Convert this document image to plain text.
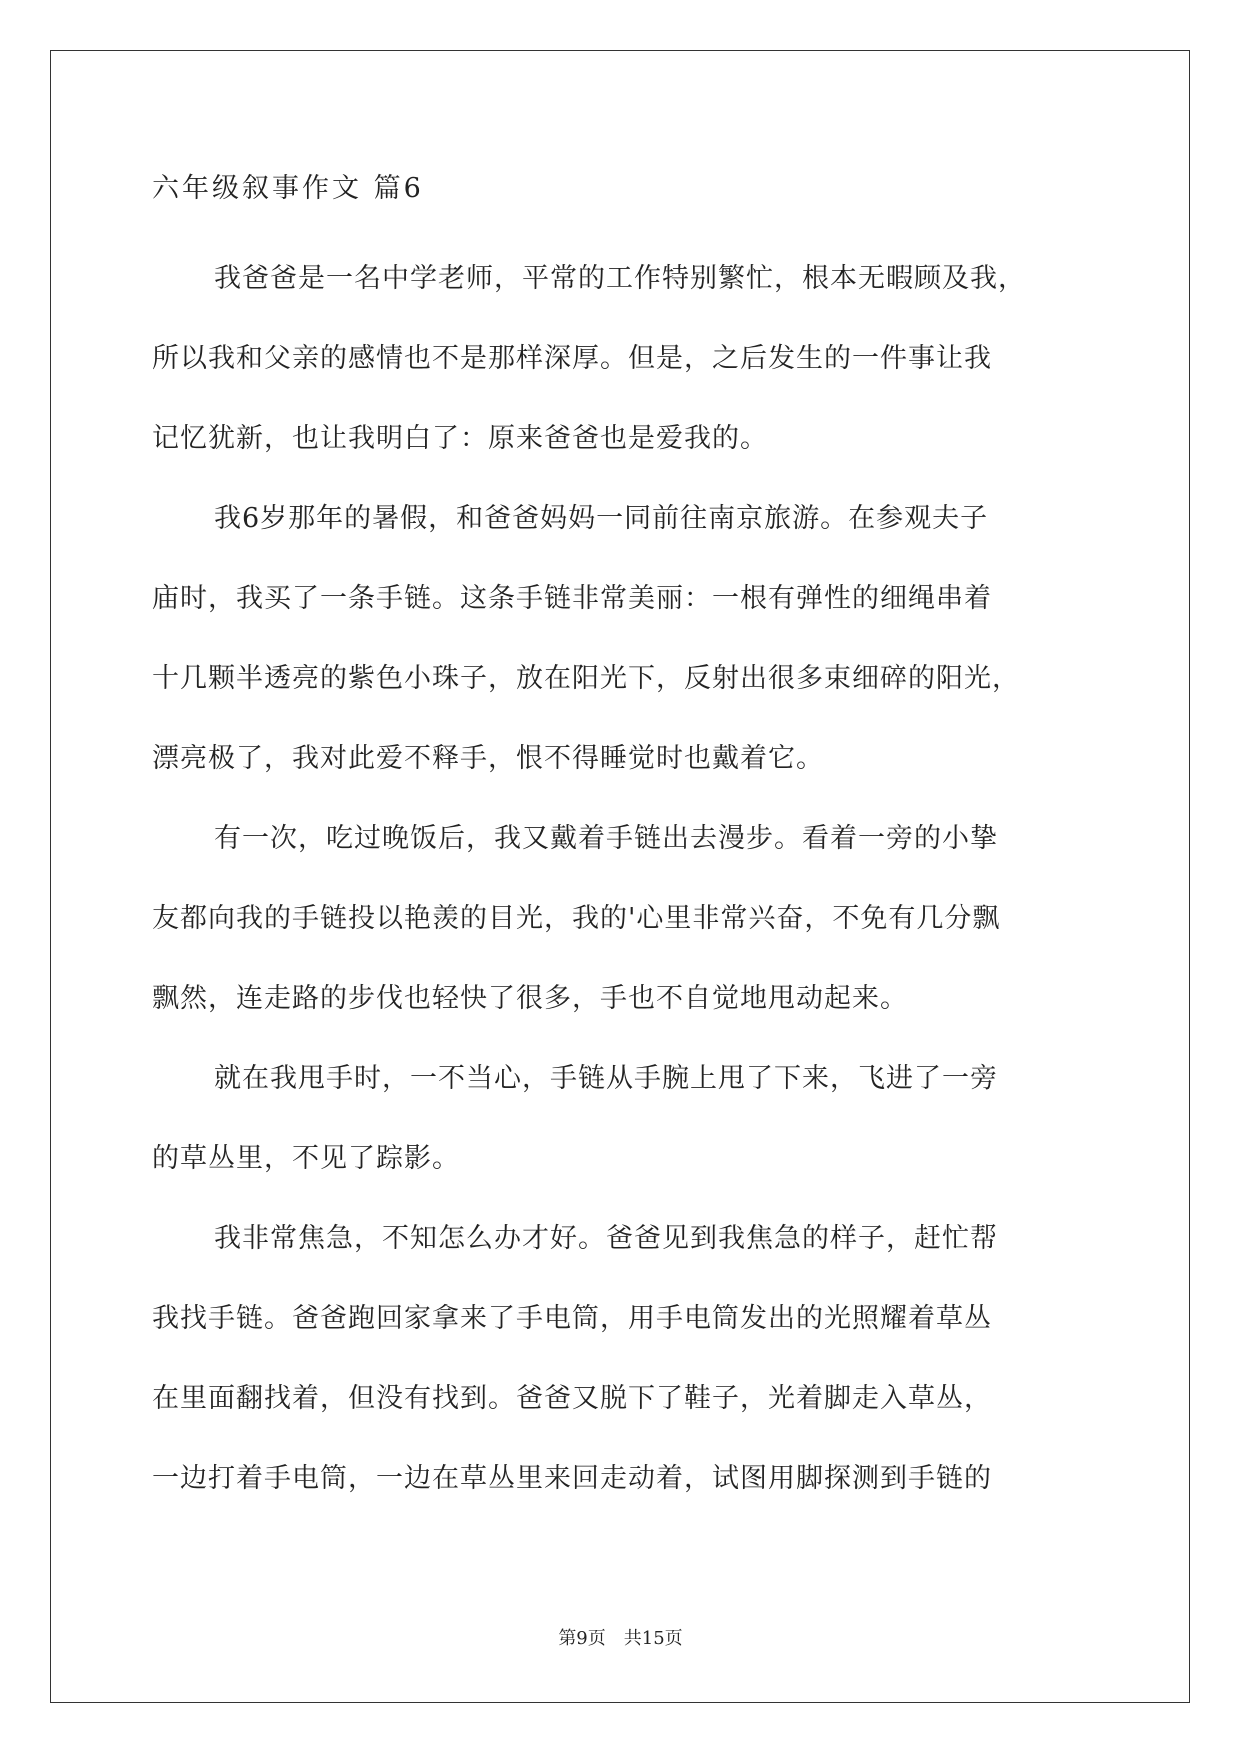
六年级叙事作文 篇6
我爸爸是一名中学老师，平常的工作特别繁忙，根本无暇顾及我，
所以我和父亲的感情也不是那样深厚。但是，之后发生的一件事让我
记忆犹新，也让我明白了：原来爸爸也是爱我的。
我6岁那年的暑假，和爸爸妈妈一同前往南京旅游。在参观夫子
庙时，我买了一条手链。这条手链非常美丽：一根有弹性的细绳串着
十几颗半透亮的紫色小珠子，放在阳光下，反射出很多束细碎的阳光，
漂亮极了，我对此爱不释手，恨不得睡觉时也戴着它。
有一次，吃过晚饭后，我又戴着手链出去漫步。看着一旁的小挚
友都向我的手链投以艳羡的目光，我的'心里非常兴奋，不免有几分飘
飘然，连走路的步伐也轻快了很多，手也不自觉地甩动起来。
就在我甩手时，一不当心，手链从手腕上甩了下来，飞进了一旁
的草丛里，不见了踪影。
我非常焦急，不知怎么办才好。爸爸见到我焦急的样子，赶忙帮
我找手链。爸爸跑回家拿来了手电筒，用手电筒发出的光照耀着草丛
在里面翻找着，但没有找到。爸爸又脱下了鞋子，光着脚走入草丛，
一边打着手电筒，一边在草丛里来回走动着，试图用脚探测到手链的
第9页　共15页
